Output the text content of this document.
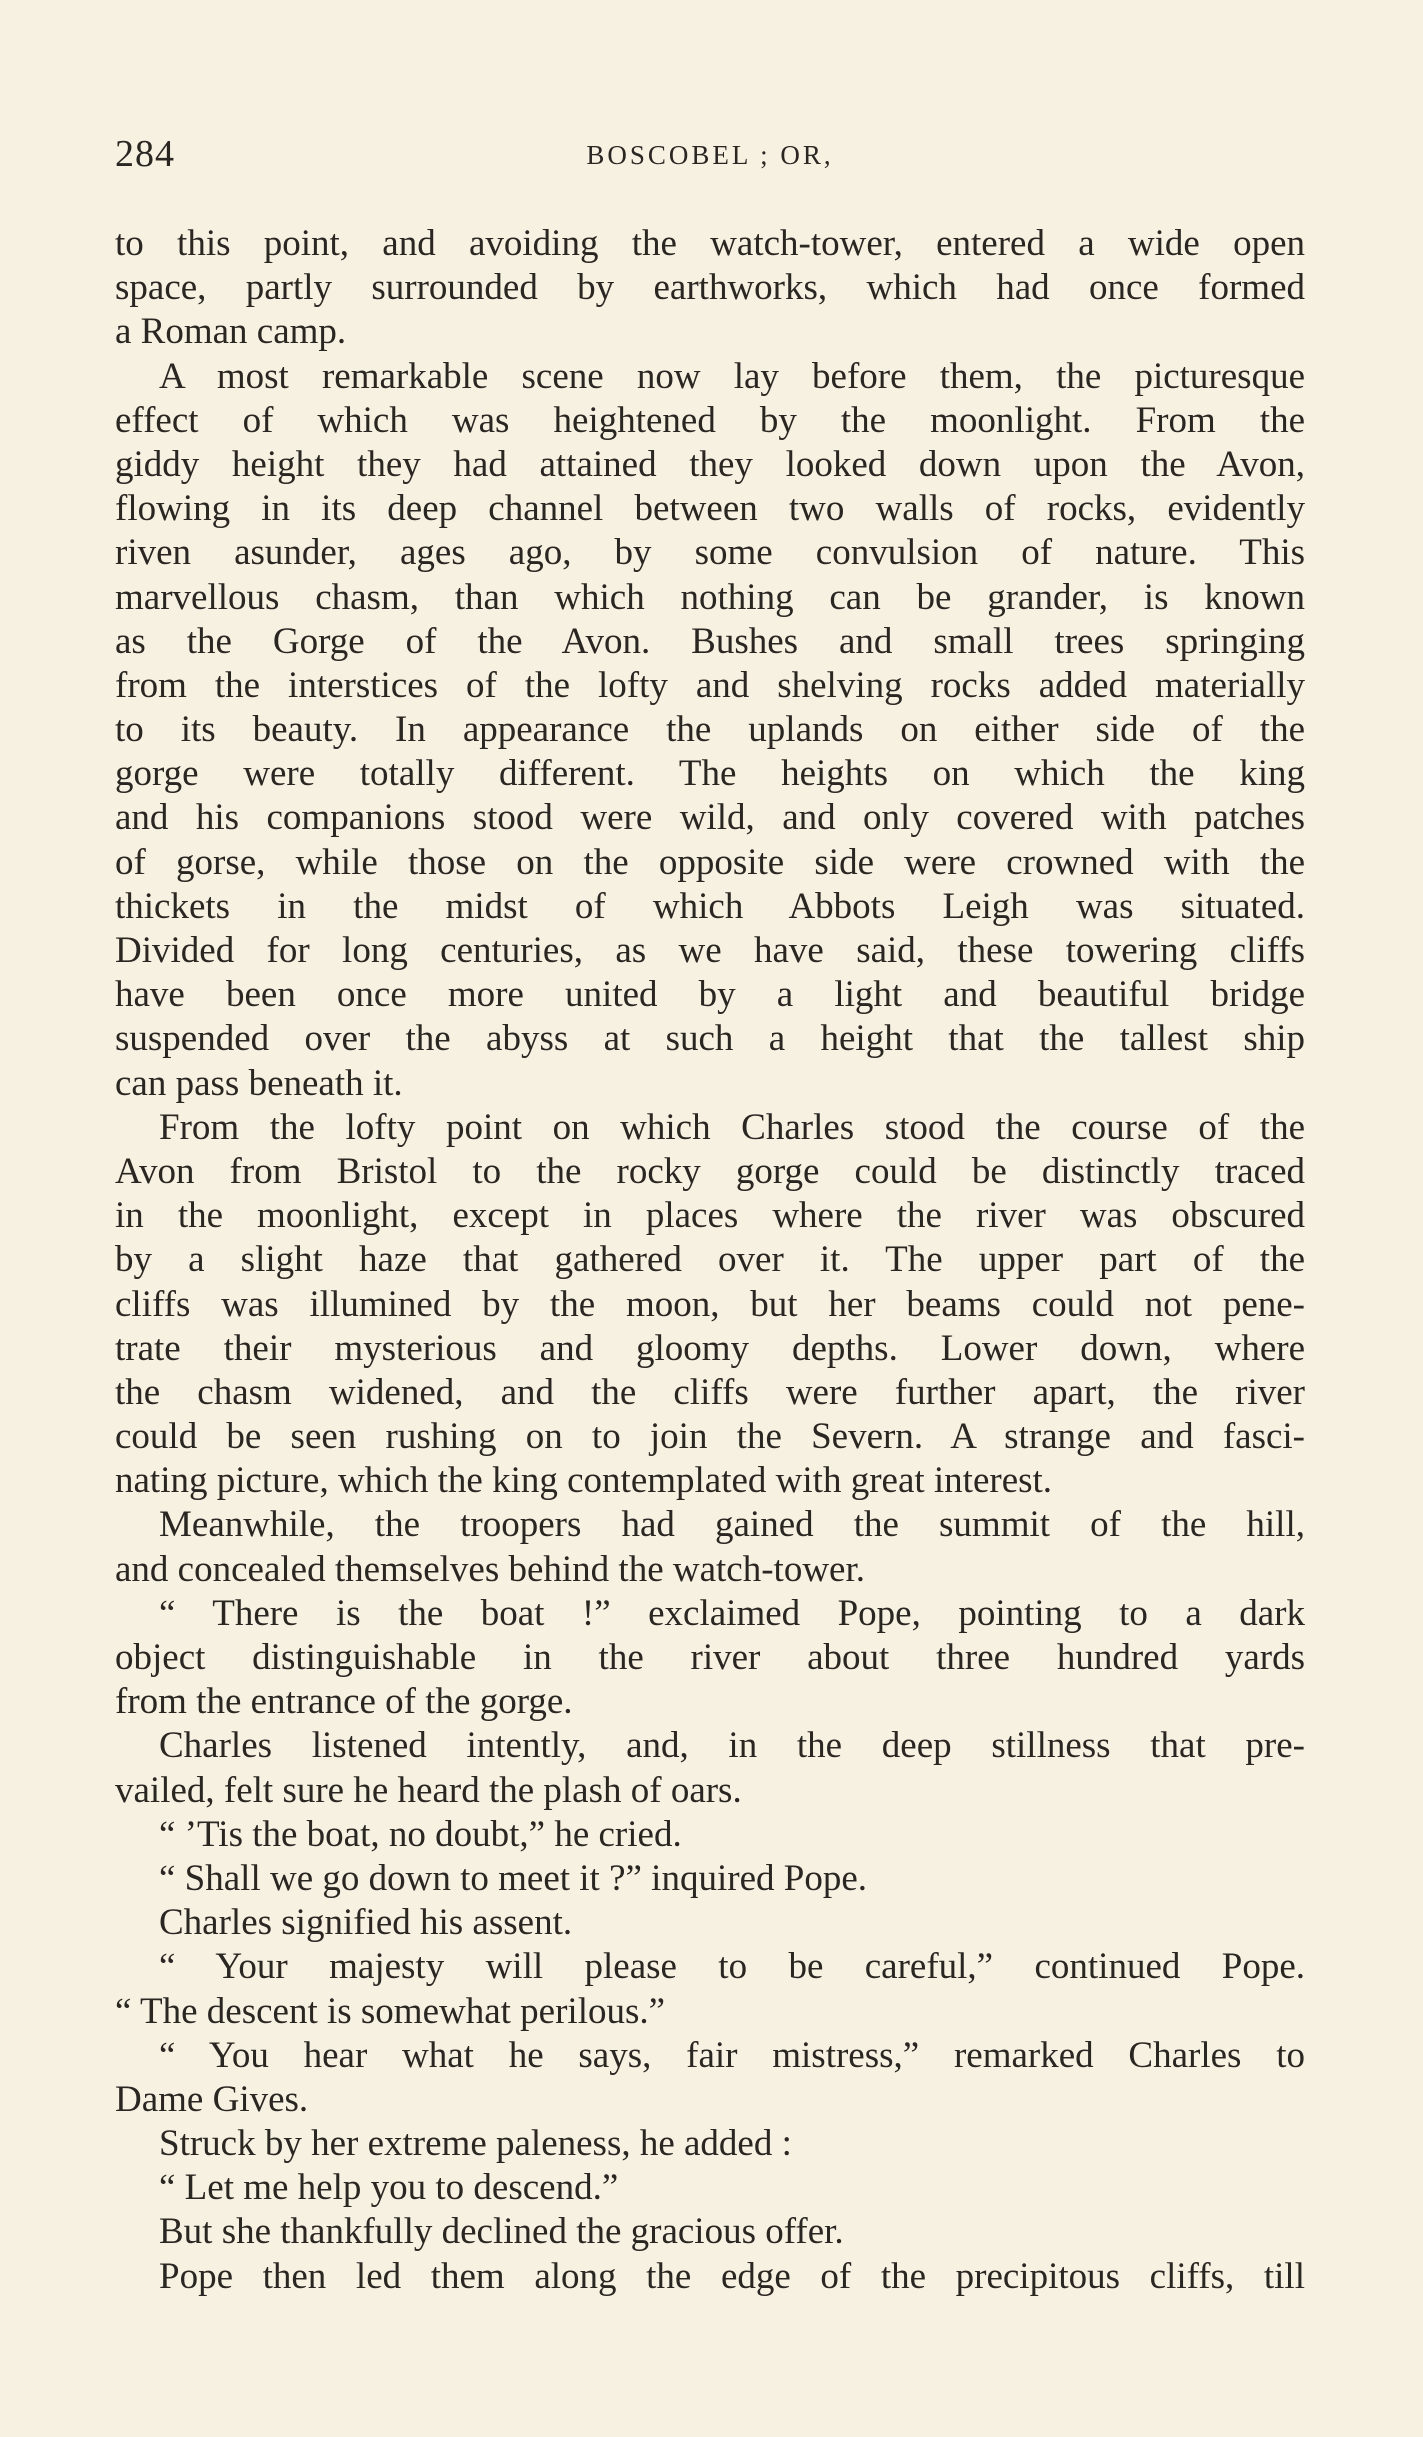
284	BOSCOBEL ; OR,
to this point, and avoiding the watch-tower, entered a wide open
space, partly surrounded by earthworks, which had once formed
a Roman camp.
A most remarkable scene now lay before them, the picturesque
effect of which was heightened by the moonlight. From the
giddy height they had attained they looked down upon the Avon,
flowing in its deep channel between two walls of rocks, evidently
riven asunder, ages ago, by some convulsion of nature. This
marvellous chasm, than which nothing can be grander, is known
as the Gorge of the Avon. Bushes and small trees springing
from the interstices of the lofty and shelving rocks added materially
to its beauty. In appearance the uplands on either side of the
gorge were totally different. The heights on which the king
and his companions stood were wild, and only covered with patches
of gorse, while those on the opposite side were crowned with the
thickets in the midst of which Abbots Leigh was situated.
Divided for long centuries, as we have said, these towering cliffs
have been once more united by a light and beautiful bridge
suspended over the abyss at such a height that the tallest ship
can pass beneath it.
From the lofty point on which Charles stood the course of the
Avon from Bristol to the rocky gorge could be distinctly traced
in the moonlight, except in places where the river was obscured
by a slight haze that gathered over it. The upper part of the
cliffs was illumined by the moon, but her beams could not pene-
trate their mysterious and gloomy depths. Lower down, where
the chasm widened, and the cliffs were further apart, the river
could be seen rushing on to join the Severn. A strange and fasci-
nating picture, which the king contemplated with great interest.
Meanwhile, the troopers had gained the summit of the hill,
and concealed themselves behind the watch-tower.
“ There is the boat !” exclaimed Pope, pointing to a dark
object distinguishable in the river about three hundred yards
from the entrance of the gorge.
Charles listened intently, and, in the deep stillness that pre-
vailed, felt sure he heard the plash of oars.
“ ’Tis the boat, no doubt,” he cried.
“ Shall we go down to meet it ?” inquired Pope.
Charles signified his assent.
“ Your majesty will please to be careful,” continued Pope.
“ The descent is somewhat perilous.”
“ You hear what he says, fair mistress,” remarked Charles to
Dame Gives.
Struck by her extreme paleness, he added :
“ Let me help you to descend.”
But she thankfully declined the gracious offer.
Pope then led them along the edge of the precipitous cliffs, till
